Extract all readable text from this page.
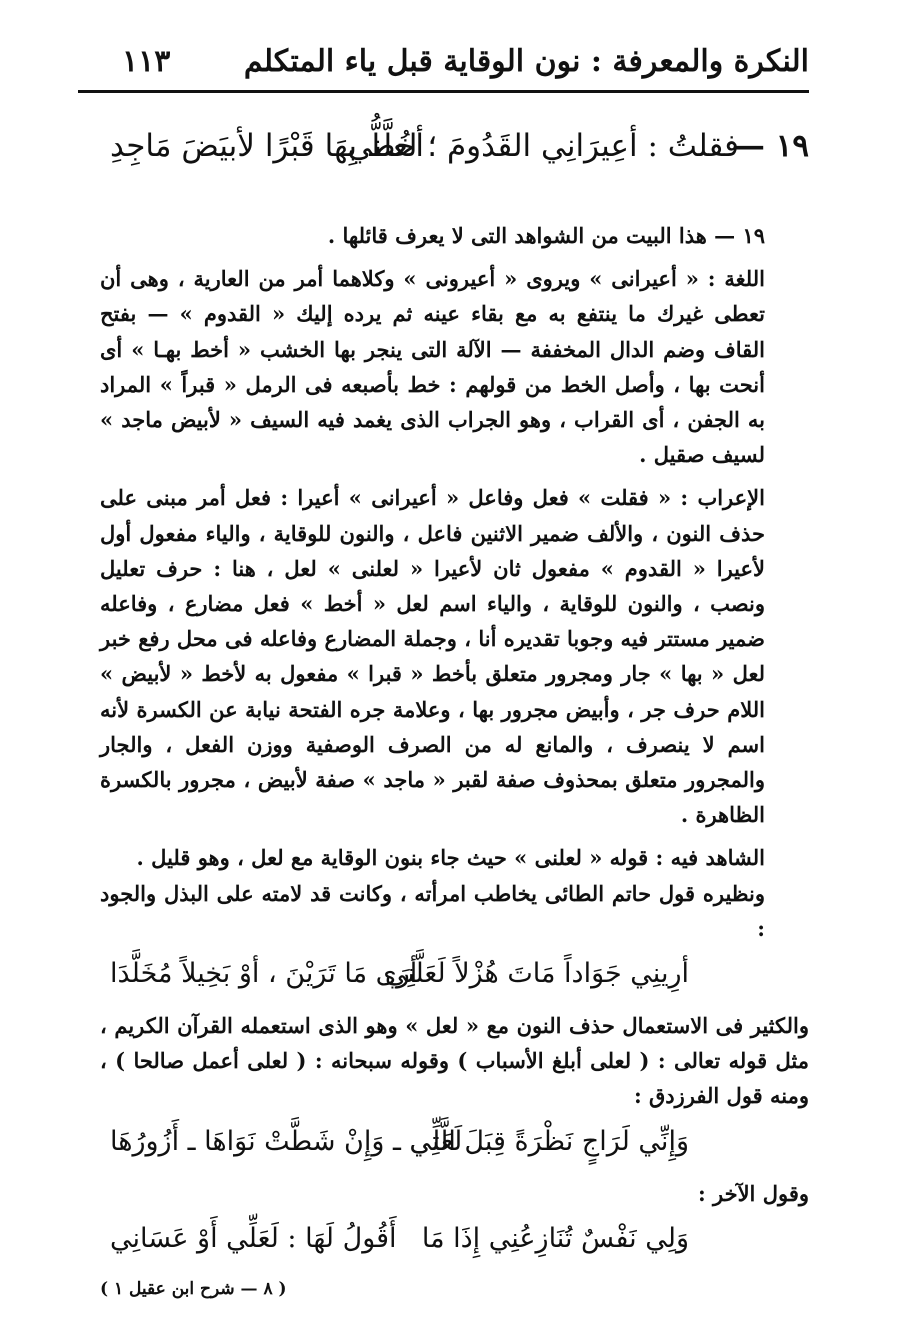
النكرة والمعرفة : نون الوقاية قبل ياء المتكلم
١١٣
١٩ —
فقلتُ : أعِيرَانِي القَدُومَ ؛ لعلَّني
أخُطُّ بِهَا قَبْرًا لأبيَضَ مَاجِدِ

١٩ — هذا البيت من الشواهد التى لا يعرف قائلها .

اللغة : « أعيرانى » ويروى « أعيرونى » وكلاهما أمر من العارية ، وهى أن تعطى غيرك ما ينتفع به مع بقاء عينه ثم يرده إليك « القدوم » — بفتح القاف وضم الدال المخففة — الآلة التى ينجر بها الخشب « أخط بهـا » أى أنحت بها ، وأصل الخط من قولهم : خط بأصبعه فى الرمل « قبراً » المراد به الجفن ، أى القراب ، وهو الجراب الذى يغمد فيه السيف « لأبيض ماجد » لسيف صقيل .

الإعراب : « فقلت » فعل وفاعل « أعيرانى » أعيرا : فعل أمر مبنى على حذف النون ، والألف ضمير الاثنين فاعل ، والنون للوقاية ، والياء مفعول أول لأعيرا « القدوم » مفعول ثان لأعيرا « لعلنى » لعل ، هنا : حرف تعليل ونصب ، والنون للوقاية ، والياء اسم لعل « أخط » فعل مضارع ، وفاعله ضمير مستتر فيه وجوبا تقديره أنا ، وجملة المضارع وفاعله فى محل رفع خبر لعل « بها » جار ومجرور متعلق بأخط « قبرا » مفعول به لأخط « لأبيض » اللام حرف جر ، وأبيض مجرور بها ، وعلامة جره الفتحة نيابة عن الكسرة لأنه اسم لا ينصرف ، والمانع له من الصرف الوصفية ووزن الفعل ، والجار والمجرور متعلق بمحذوف صفة لقبر « ماجد » صفة لأبيض ، مجرور بالكسرة الظاهرة .

الشاهد فيه : قوله « لعلنى » حيث جاء بنون الوقاية مع لعل ، وهو قليل .

ونظيره قول حاتم الطائى يخاطب امرأته ، وكانت قد لامته على البذل والجود :

أرِينِي جَوَاداً مَاتَ هُزْلاً لَعَلَّنِي
أرَى مَا تَرَيْنَ ، أوْ بَخِيلاً مُخَلَّدَا

والكثير فى الاستعمال حذف النون مع « لعل » وهو الذى استعمله القرآن الكريم ، مثل قوله تعالى : ( لعلى أبلغ الأسباب ) وقوله سبحانه : ( لعلى أعمل صالحا ) ، ومنه قول الفرزدق :

وَإِنِّي لَرَاجٍ نَظْرَةً قِبَلَ الَّتِي
لَعَلِّي ـ وَإِنْ شَطَّتْ نَوَاهَا ـ أَزُورُهَا

وقول الآخر :

وَلِي نَفْسٌ تُنَازِعُنِي إِذَا مَا
أَقُولُ لَهَا : لَعَلِّي أَوْ عَسَانِي
( ٨ — شرح ابن عقيل ١ )
